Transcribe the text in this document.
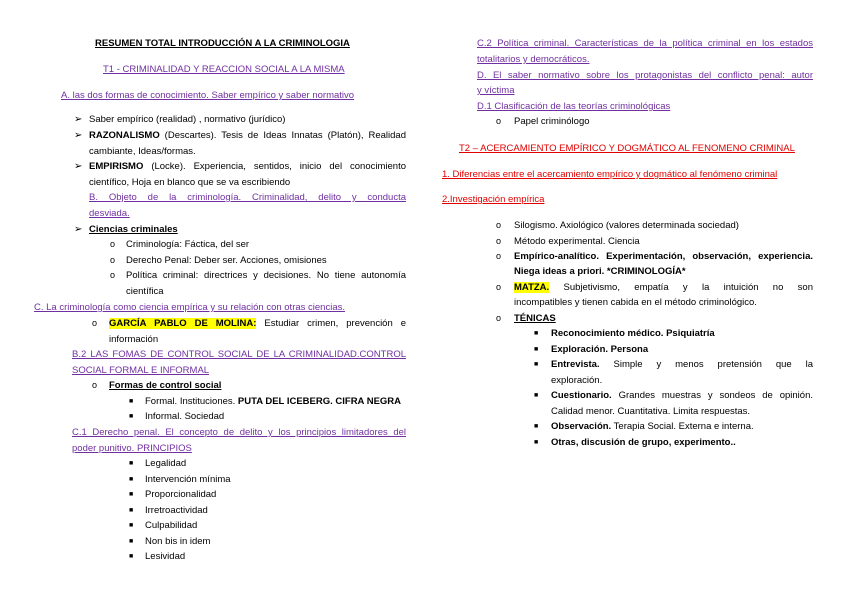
RESUMEN TOTAL INTRODUCCIÓN A LA CRIMINOLOGIA
T1 - CRIMINALIDAD Y REACCION SOCIAL A LA MISMA
A. las dos formas de conocimiento. Saber empírico y saber normativo
➢ Saber empírico (realidad) , normativo (jurídico)
➢ RAZONALISMO (Descartes). Tesis de Ideas Innatas (Platón), Realidad
cambiante, Ideas/formas.
➢ EMPIRISMO (Locke). Experiencia, sentidos, inicio del conocimiento
científico, Hoja en blanco que se va escribiendo
B. Objeto de la criminología. Criminalidad, delito y conducta
desviada.
➢ Ciencias criminales
o Criminología: Fáctica, del ser
o Derecho Penal: Deber ser. Acciones, omisiones
o Política criminal: directrices y decisiones. No tiene autonomía
científica
C. La criminología como ciencia empírica y su relación con otras ciencias.
o GARCÍA PABLO DE MOLINA: Estudiar crimen, prevención e
información
B.2 LAS FOMAS DE CONTROL SOCIAL DE LA CRIMINALIDAD.CONTROL
SOCIAL FORMAL E INFORMAL
o Formas de control social
■ Formal. Instituciones. PUTA DEL ICEBERG. CIFRA NEGRA
■ Informal. Sociedad
C.1 Derecho penal. El concepto de delito y los principios limitadores del
poder punitivo. PRINCIPIOS
■ Legalidad
■ Intervención mínima
■ Proporcionalidad
■ Irretroactividad
■ Culpabilidad
■ Non bis in idem
■ Lesividad
C.2 Política criminal. Características de la política criminal en los estados
totalitarios y democráticos.
D. El saber normativo sobre los protagonistas del conflicto penal: autor
y víctima
D.1 Clasificación de las teorías criminológicas
o Papel criminólogo
T2 – ACERCAMIENTO EMPÍRICO Y DOGMÁTICO AL FENOMENO CRIMINAL
1. Diferencias entre el acercamiento empírico y dogmático al fenómeno criminal
2.Investigación empírica
o Silogismo. Axiológico (valores determinada sociedad)
o Método experimental. Ciencia
o Empírico-analítico. Experimentación, observación, experiencia.
Niega ideas a priori. *CRIMINOLOGÍA*
o MATZA. Subjetivismo, empatía y la intuición no son
incompatibles y tienen cabida en el método criminológico.
o TÉNICAS
■ Reconocimiento médico. Psiquiatría
■ Exploración. Persona
■ Entrevista. Simple y menos pretensión que la
exploración.
■ Cuestionario. Grandes muestras y sondeos de opinión.
Calidad menor. Cuantitativa. Limita respuestas.
■ Observación. Terapia Social. Externa e interna.
■ Otras, discusión de grupo, experimento..
